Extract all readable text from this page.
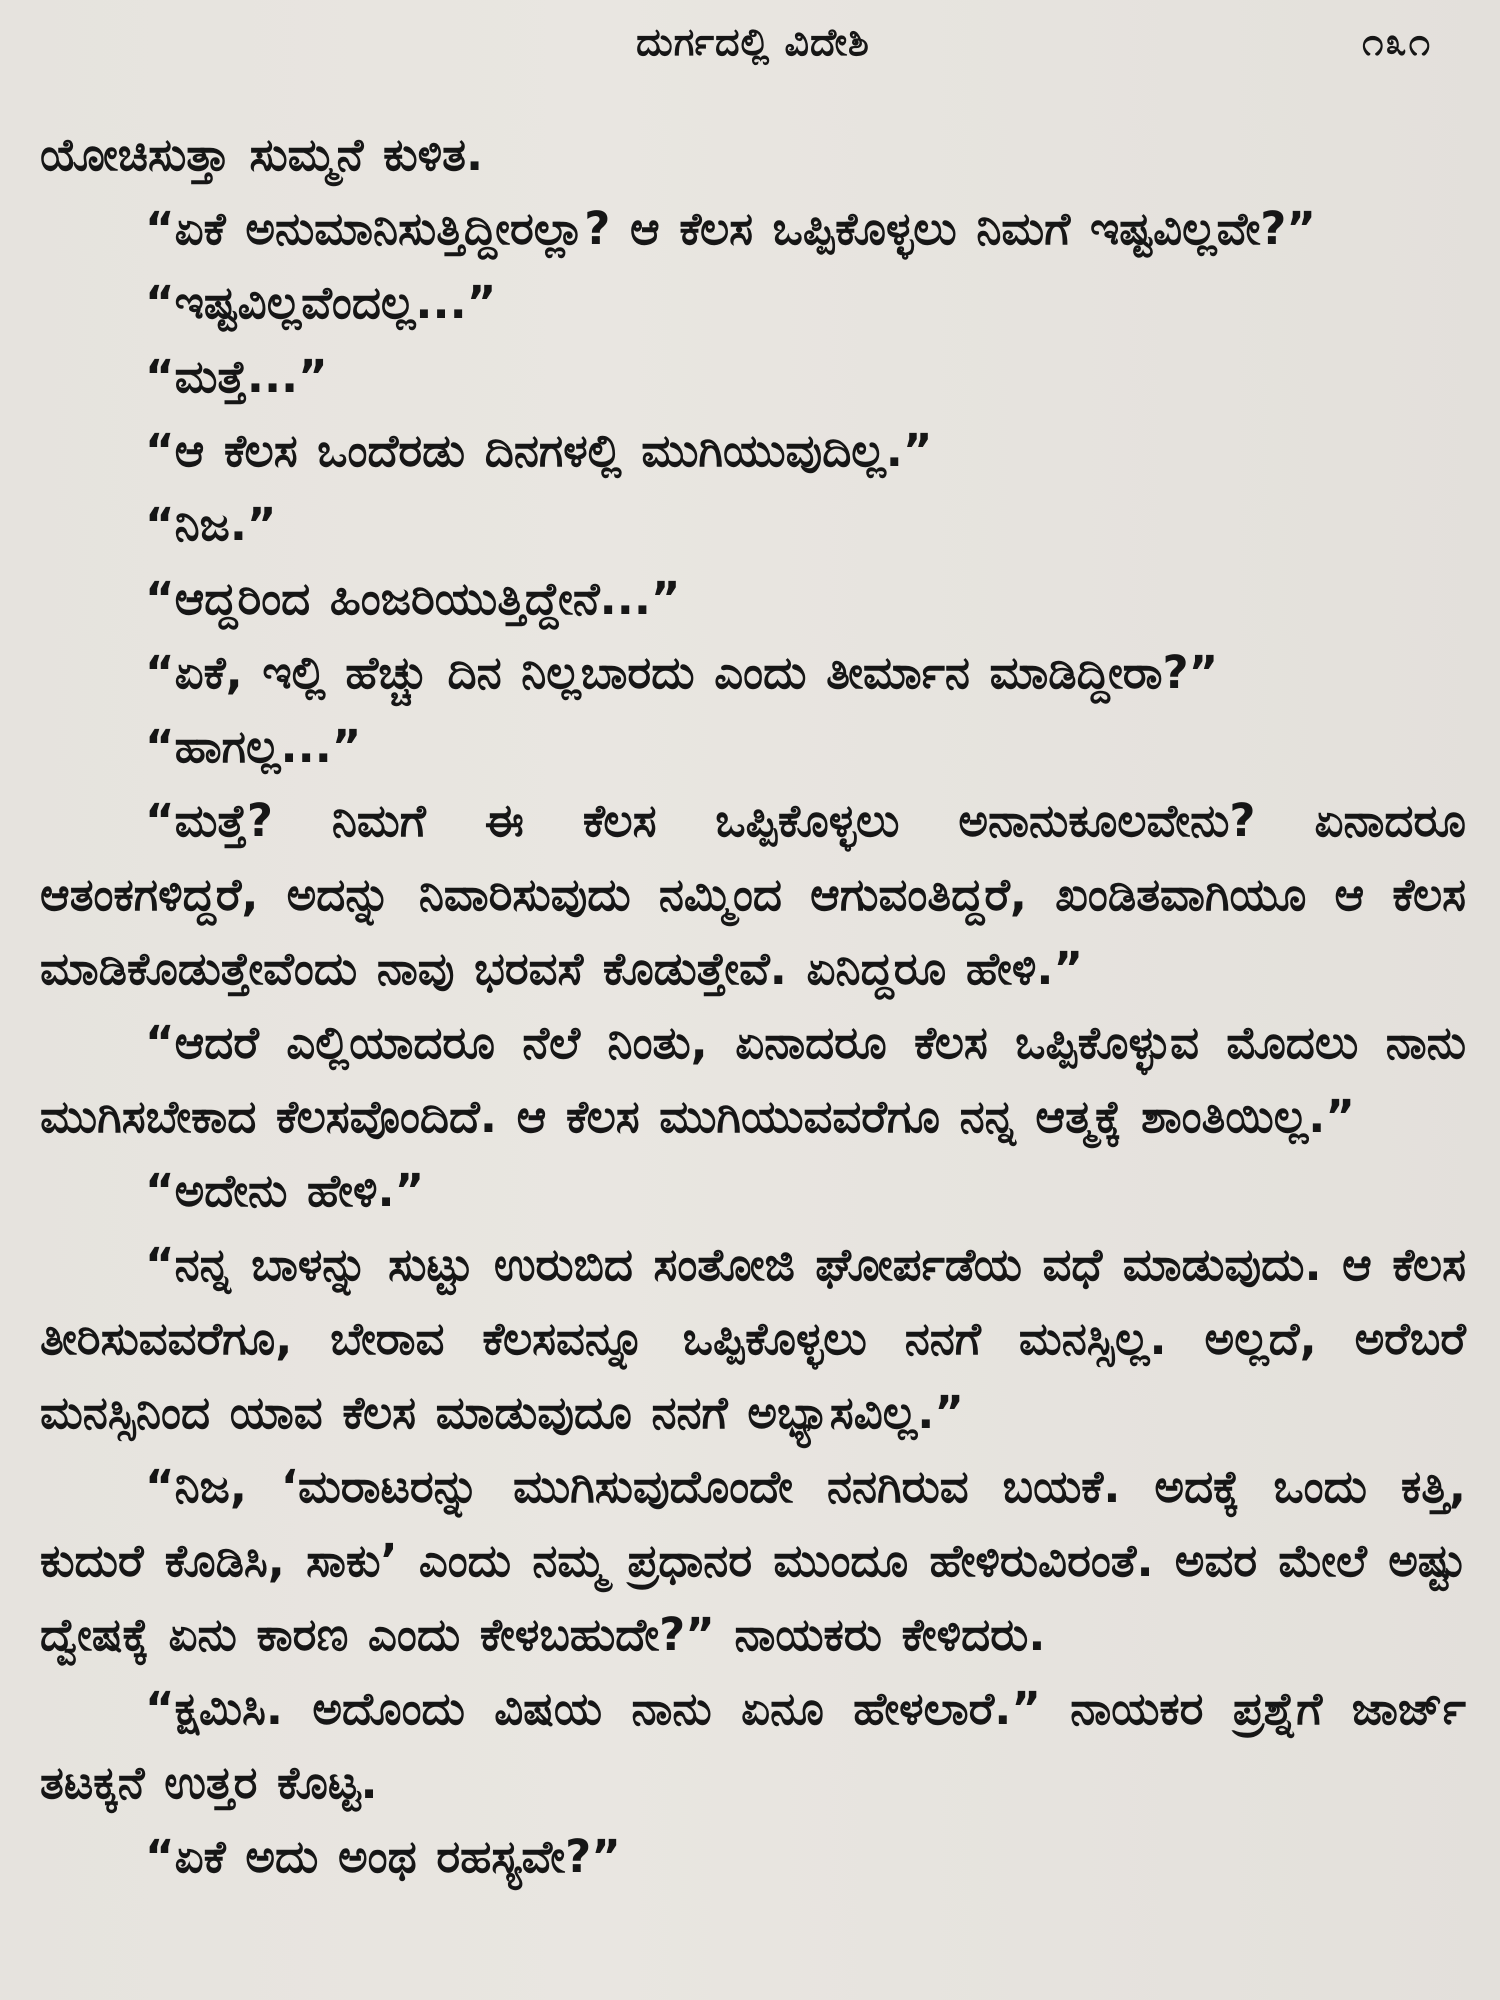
ದುರ್ಗದಲ್ಲಿ ವಿದೇಶಿ	೧೩೧

ಯೋಚಿಸುತ್ತಾ ಸುಮ್ಮನೆ ಕುಳಿತ.

“ಏಕೆ ಅನುಮಾನಿಸುತ್ತಿದ್ದೀರಲ್ಲಾ? ಆ ಕೆಲಸ ಒಪ್ಪಿಕೊಳ್ಳಲು ನಿಮಗೆ ಇಷ್ಟವಿಲ್ಲವೇ?”

“ಇಷ್ಟವಿಲ್ಲವೆಂದಲ್ಲ...”

“ಮತ್ತೆ...”

“ಆ ಕೆಲಸ ಒಂದೆರಡು ದಿನಗಳಲ್ಲಿ ಮುಗಿಯುವುದಿಲ್ಲ.”

“ನಿಜ.”

“ಆದ್ದರಿಂದ ಹಿಂಜರಿಯುತ್ತಿದ್ದೇನೆ...”

“ಏಕೆ, ಇಲ್ಲಿ ಹೆಚ್ಚು ದಿನ ನಿಲ್ಲಬಾರದು ಎಂದು ತೀರ್ಮಾನ ಮಾಡಿದ್ದೀರಾ?”

“ಹಾಗಲ್ಲ...”

“ಮತ್ತೆ? ನಿಮಗೆ ಈ ಕೆಲಸ ಒಪ್ಪಿಕೊಳ್ಳಲು ಅನಾನುಕೂಲವೇನು? ಏನಾದರೂ ಆತಂಕಗಳಿದ್ದರೆ, ಅದನ್ನು ನಿವಾರಿಸುವುದು ನಮ್ಮಿಂದ ಆಗುವಂತಿದ್ದರೆ, ಖಂಡಿತವಾಗಿಯೂ ಆ ಕೆಲಸ ಮಾಡಿಕೊಡುತ್ತೇವೆಂದು ನಾವು ಭರವಸೆ ಕೊಡುತ್ತೇವೆ. ಏನಿದ್ದರೂ ಹೇಳಿ.”

“ಆದರೆ ಎಲ್ಲಿಯಾದರೂ ನೆಲೆ ನಿಂತು, ಏನಾದರೂ ಕೆಲಸ ಒಪ್ಪಿಕೊಳ್ಳುವ ಮೊದಲು ನಾನು ಮುಗಿಸಬೇಕಾದ ಕೆಲಸವೊಂದಿದೆ. ಆ ಕೆಲಸ ಮುಗಿಯುವವರೆಗೂ ನನ್ನ ಆತ್ಮಕ್ಕೆ ಶಾಂತಿಯಿಲ್ಲ.”

“ಅದೇನು ಹೇಳಿ.”

“ನನ್ನ ಬಾಳನ್ನು ಸುಟ್ಟು ಉರುಬಿದ ಸಂತೋಜಿ ಘೋರ್ಪಡೆಯ ವಧೆ ಮಾಡುವುದು. ಆ ಕೆಲಸ ತೀರಿಸುವವರೆಗೂ, ಬೇರಾವ ಕೆಲಸವನ್ನೂ ಒಪ್ಪಿಕೊಳ್ಳಲು ನನಗೆ ಮನಸ್ಸಿಲ್ಲ. ಅಲ್ಲದೆ, ಅರೆಬರೆ ಮನಸ್ಸಿನಿಂದ ಯಾವ ಕೆಲಸ ಮಾಡುವುದೂ ನನಗೆ ಅಭ್ಯಾಸವಿಲ್ಲ.”

“ನಿಜ, ‘ಮರಾಟರನ್ನು ಮುಗಿಸುವುದೊಂದೇ ನನಗಿರುವ ಬಯಕೆ. ಅದಕ್ಕೆ ಒಂದು ಕತ್ತಿ, ಕುದುರೆ ಕೊಡಿಸಿ, ಸಾಕು’ ಎಂದು ನಮ್ಮ ಪ್ರಧಾನರ ಮುಂದೂ ಹೇಳಿರುವಿರಂತೆ. ಅವರ ಮೇಲೆ ಅಷ್ಟು ದ್ವೇಷಕ್ಕೆ ಏನು ಕಾರಣ ಎಂದು ಕೇಳಬಹುದೇ?” ನಾಯಕರು ಕೇಳಿದರು.

“ಕ್ಷಮಿಸಿ. ಅದೊಂದು ವಿಷಯ ನಾನು ಏನೂ ಹೇಳಲಾರೆ.” ನಾಯಕರ ಪ್ರಶ್ನೆಗೆ ಜಾರ್ಜ್ ತಟಕ್ಕನೆ ಉತ್ತರ ಕೊಟ್ಟ.

“ಏಕೆ ಅದು ಅಂಥ ರಹಸ್ಯವೇ?”
